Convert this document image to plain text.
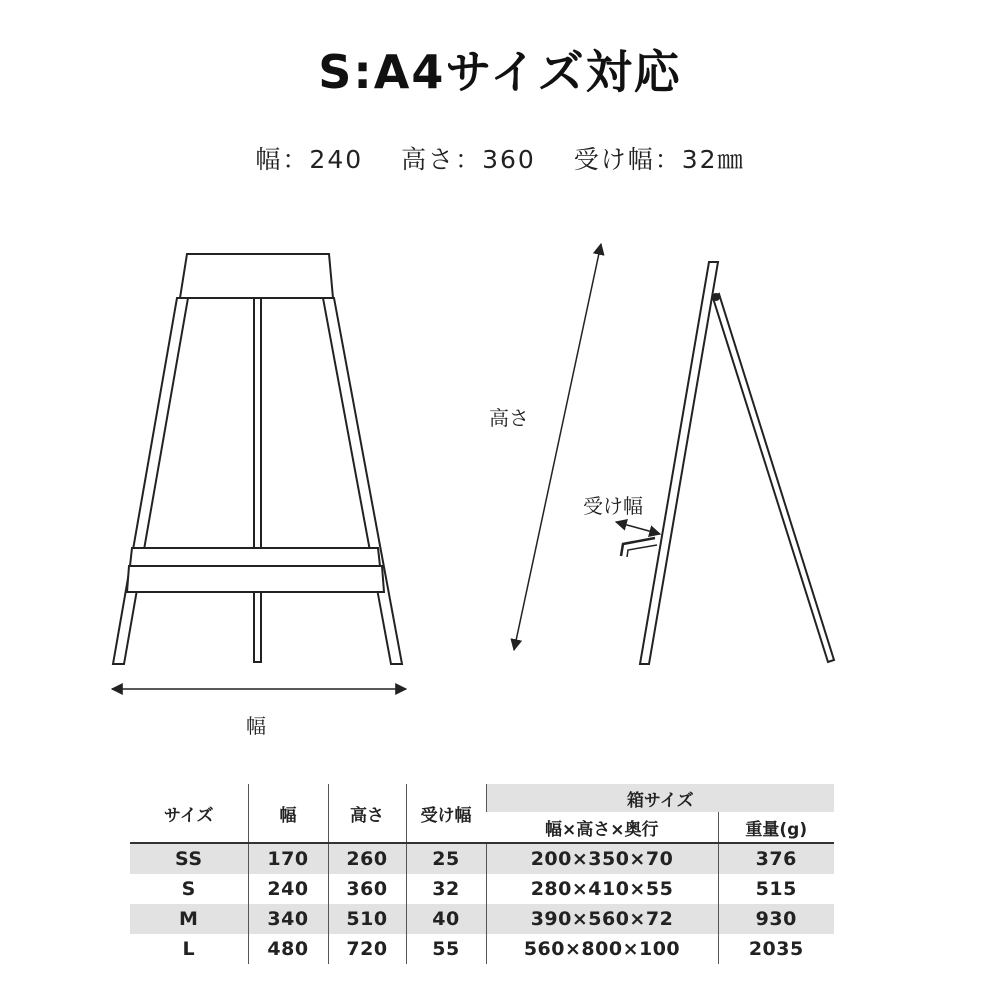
S:A4サイズ対応
幅：240 高さ：360 受け幅：32㎜
幅
高さ
受け幅
サイズ	幅	高さ	受け幅	箱サイズ	
				幅×高さ×奥行	重量(g)
SS	170	260	25	200×350×70	376
S	240	360	32	280×410×55	515
M	340	510	40	390×560×72	930
L	480	720	55	560×800×100	2035
